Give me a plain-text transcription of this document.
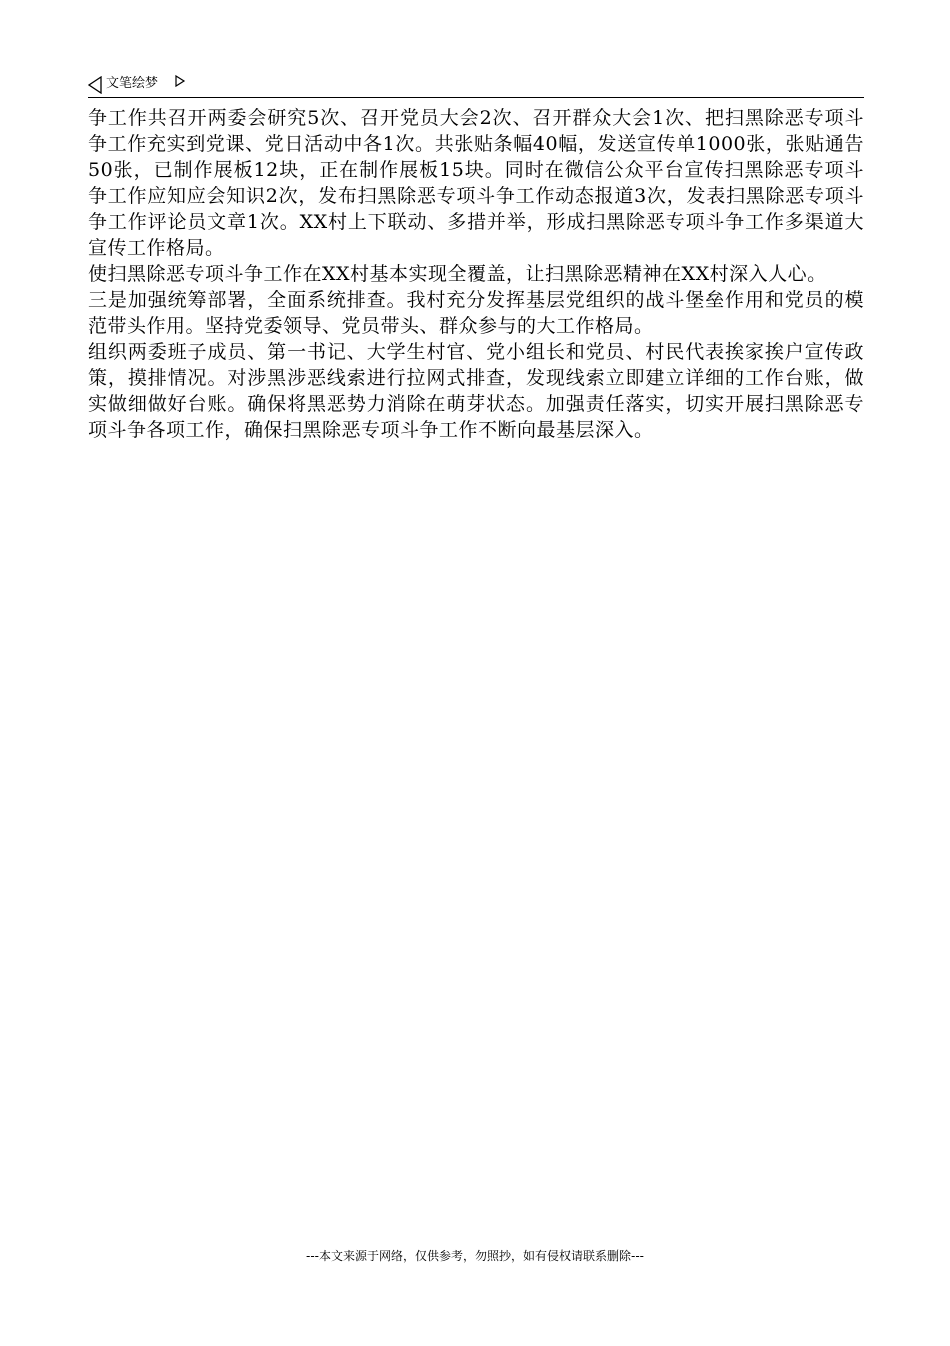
文笔绘梦

争工作共召开两委会研究5次、召开党员大会2次、召开群众大会1次、把扫黑除恶专项斗争工作充实到党课、党日活动中各1次。共张贴条幅40幅，发送宣传单1000张，张贴通告50张，已制作展板12块，正在制作展板15块。同时在微信公众平台宣传扫黑除恶专项斗争工作应知应会知识2次，发布扫黑除恶专项斗争工作动态报道3次，发表扫黑除恶专项斗争工作评论员文章1次。XX村上下联动、多措并举，形成扫黑除恶专项斗争工作多渠道大宣传工作格局。

使扫黑除恶专项斗争工作在XX村基本实现全覆盖，让扫黑除恶精神在XX村深入人心。

三是加强统筹部署，全面系统排查。我村充分发挥基层党组织的战斗堡垒作用和党员的模范带头作用。坚持党委领导、党员带头、群众参与的大工作格局。

组织两委班子成员、第一书记、大学生村官、党小组长和党员、村民代表挨家挨户宣传政策，摸排情况。对涉黑涉恶线索进行拉网式排查，发现线索立即建立详细的工作台账，做实做细做好台账。确保将黑恶势力消除在萌芽状态。加强责任落实，切实开展扫黑除恶专项斗争各项工作，确保扫黑除恶专项斗争工作不断向最基层深入。

---本文来源于网络，仅供参考，勿照抄，如有侵权请联系删除---
